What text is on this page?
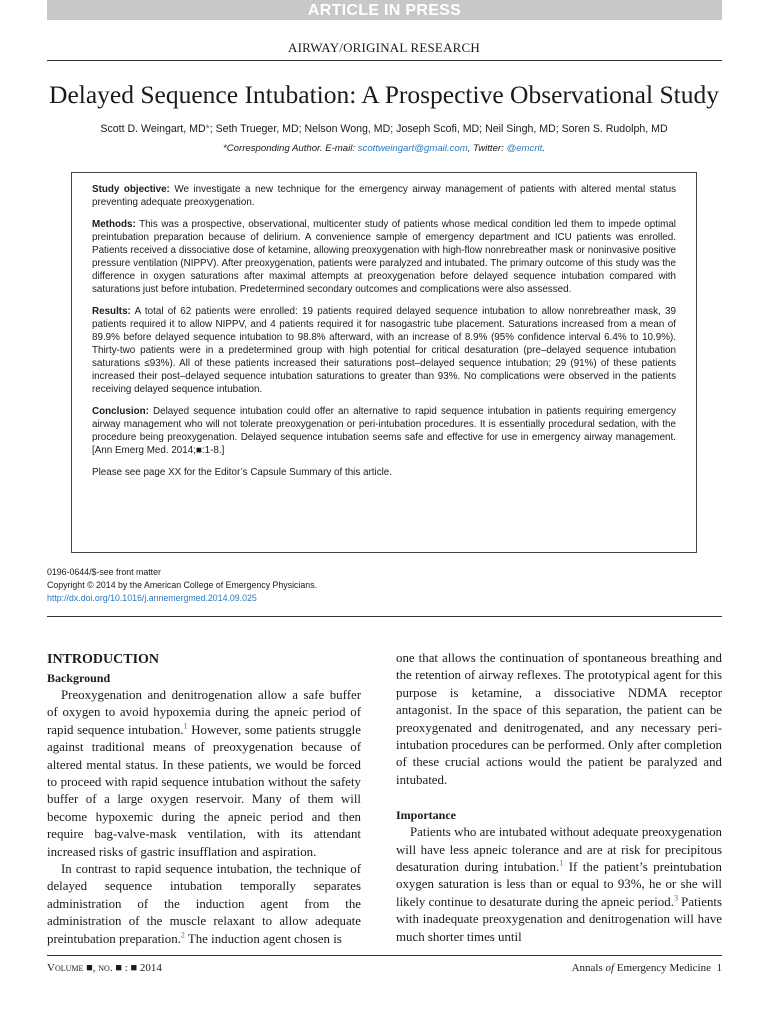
ARTICLE IN PRESS
AIRWAY/ORIGINAL RESEARCH
Delayed Sequence Intubation: A Prospective Observational Study
Scott D. Weingart, MD*; Seth Trueger, MD; Nelson Wong, MD; Joseph Scofi, MD; Neil Singh, MD; Soren S. Rudolph, MD
*Corresponding Author. E-mail: scottweingart@gmail.com, Twitter: @emcrit.

Study objective: We investigate a new technique for the emergency airway management of patients with altered mental status preventing adequate preoxygenation.

Methods: This was a prospective, observational, multicenter study of patients whose medical condition led them to impede optimal preintubation preparation because of delirium. A convenience sample of emergency department and ICU patients was enrolled. Patients received a dissociative dose of ketamine, allowing preoxygenation with high-flow nonrebreather mask or noninvasive positive pressure ventilation (NIPPV). After preoxygenation, patients were paralyzed and intubated. The primary outcome of this study was the difference in oxygen saturations after maximal attempts at preoxygenation before delayed sequence intubation compared with saturations just before intubation. Predetermined secondary outcomes and complications were also assessed.

Results: A total of 62 patients were enrolled: 19 patients required delayed sequence intubation to allow nonrebreather mask, 39 patients required it to allow NIPPV, and 4 patients required it for nasogastric tube placement. Saturations increased from a mean of 89.9% before delayed sequence intubation to 98.8% afterward, with an increase of 8.9% (95% confidence interval 6.4% to 10.9%). Thirty-two patients were in a predetermined group with high potential for critical desaturation (pre–delayed sequence intubation saturations ≤93%). All of these patients increased their saturations post–delayed sequence intubation; 29 (91%) of these patients increased their post–delayed sequence intubation saturations to greater than 93%. No complications were observed in the patients receiving delayed sequence intubation.

Conclusion: Delayed sequence intubation could offer an alternative to rapid sequence intubation in patients requiring emergency airway management who will not tolerate preoxygenation or peri-intubation procedures. It is essentially procedural sedation, with the procedure being preoxygenation. Delayed sequence intubation seems safe and effective for use in emergency airway management. [Ann Emerg Med. 2014;■:1-8.]

Please see page XX for the Editor’s Capsule Summary of this article.

0196-0644/$-see front matter
Copyright © 2014 by the American College of Emergency Physicians.
http://dx.doi.org/10.1016/j.annemergmed.2014.09.025
INTRODUCTION
Background

Preoxygenation and denitrogenation allow a safe buffer of oxygen to avoid hypoxemia during the apneic period of rapid sequence intubation.$^1$ However, some patients struggle against traditional means of preoxygenation because of altered mental status. In these patients, we would be forced to proceed with rapid sequence intubation without the safety buffer of a large oxygen reservoir. Many of them will become hypoxemic during the apneic period and then require bag-valve-mask ventilation, with its attendant increased risks of gastric insufflation and aspiration.

In contrast to rapid sequence intubation, the technique of delayed sequence intubation temporally separates administration of the induction agent from the administration of the muscle relaxant to allow adequate preintubation preparation.$^2$ The induction agent chosen is

one that allows the continuation of spontaneous breathing and the retention of airway reflexes. The prototypical agent for this purpose is ketamine, a dissociative NDMA receptor antagonist. In the space of this separation, the patient can be preoxygenated and denitrogenated, and any necessary peri-intubation procedures can be performed. Only after completion of these crucial actions would the patient be paralyzed and intubated.

Importance

Patients who are intubated without adequate preoxygenation will have less apneic tolerance and are at risk for precipitous desaturation during intubation.$^1$ If the patient’s preintubation oxygen saturation is less than or equal to 93%, he or she will likely continue to desaturate during the apneic period.$^3$ Patients with inadequate preoxygenation and denitrogenation will have much shorter times until

Volume ■, no. ■ : ■ 2014	Annals of Emergency Medicine 1
